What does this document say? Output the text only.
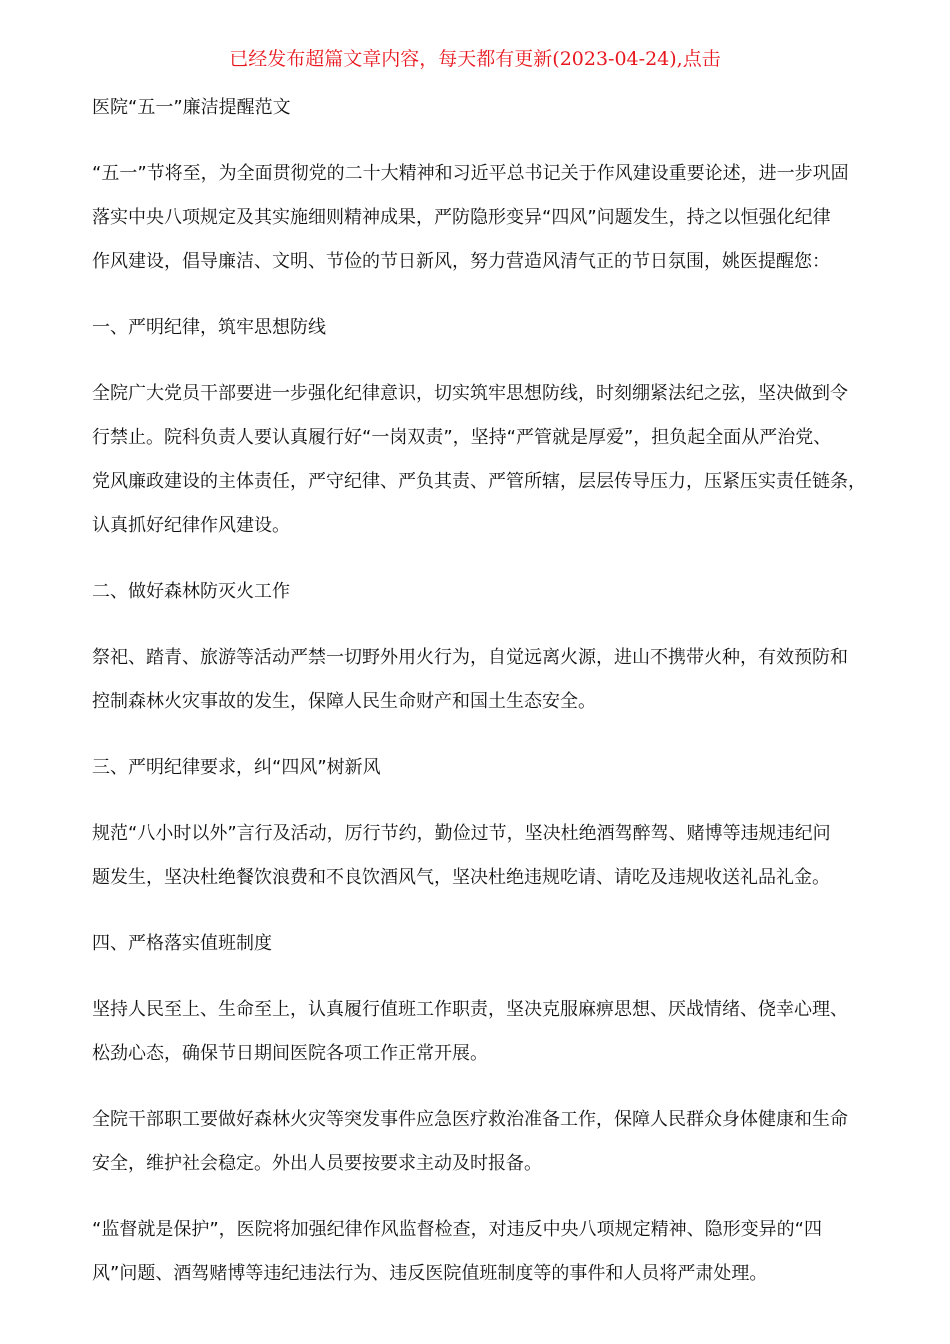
已经发布超篇文章内容，每天都有更新(2023-04-24),点击
医院“五一”廉洁提醒范文
“五一”节将至，为全面贯彻党的二十大精神和习近平总书记关于作风建设重要论述，进一步巩固
落实中央八项规定及其实施细则精神成果，严防隐形变异“四风”问题发生，持之以恒强化纪律
作风建设，倡导廉洁、文明、节俭的节日新风，努力营造风清气正的节日氛围，姚医提醒您：
一、严明纪律，筑牢思想防线
全院广大党员干部要进一步强化纪律意识，切实筑牢思想防线，时刻绷紧法纪之弦，坚决做到令
行禁止。院科负责人要认真履行好“一岗双责”，坚持“严管就是厚爱”，担负起全面从严治党、
党风廉政建设的主体责任，严守纪律、严负其责、严管所辖，层层传导压力，压紧压实责任链条，
认真抓好纪律作风建设。
二、做好森林防灭火工作
祭祀、踏青、旅游等活动严禁一切野外用火行为，自觉远离火源，进山不携带火种，有效预防和
控制森林火灾事故的发生，保障人民生命财产和国土生态安全。
三、严明纪律要求，纠“四风”树新风
规范“八小时以外”言行及活动，厉行节约，勤俭过节，坚决杜绝酒驾醉驾、赌博等违规违纪问
题发生，坚决杜绝餐饮浪费和不良饮酒风气，坚决杜绝违规吃请、请吃及违规收送礼品礼金。
四、严格落实值班制度
坚持人民至上、生命至上，认真履行值班工作职责，坚决克服麻痹思想、厌战情绪、侥幸心理、
松劲心态，确保节日期间医院各项工作正常开展。
全院干部职工要做好森林火灾等突发事件应急医疗救治准备工作，保障人民群众身体健康和生命
安全，维护社会稳定。外出人员要按要求主动及时报备。
“监督就是保护”，医院将加强纪律作风监督检查，对违反中央八项规定精神、隐形变异的“四
风”问题、酒驾赌博等违纪违法行为、违反医院值班制度等的事件和人员将严肃处理。
